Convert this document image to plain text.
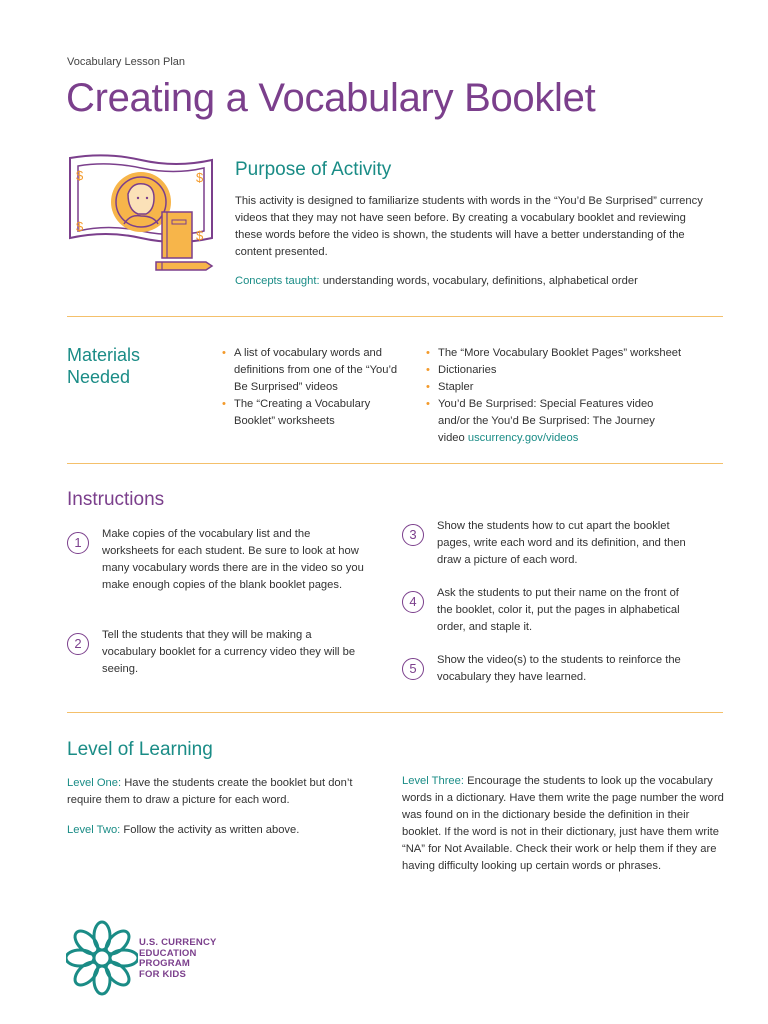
Vocabulary Lesson Plan
Creating a Vocabulary Booklet
$
$
$
$
Purpose of Activity
This activity is designed to familiarize students with words in the “You’d Be Surprised” currency videos that they may not have seen before. By creating a vocabulary booklet and reviewing these words before the video is shown, the students will have a better understanding of the content presented.
Concepts taught: understanding words, vocabulary, definitions, alphabetical order
Materials
Needed
• A list of vocabulary words and definitions from one of the “You’d Be Surprised” videos
• The “Creating a Vocabulary Booklet” worksheets
• The “More Vocabulary Booklet Pages” worksheet
• Dictionaries
• Stapler
• You’d Be Surprised: Special Features video and/or the You’d Be Surprised: The Journey video uscurrency.gov/videos
Instructions
1
Make copies of the vocabulary list and the worksheets for each student. Be sure to look at how many vocabulary words there are in the video so you make enough copies of the blank booklet pages.
2
Tell the students that they will be making a vocabulary booklet for a currency video they will be seeing.
3
Show the students how to cut apart the booklet pages, write each word and its definition, and then draw a picture of each word.
4
Ask the students to put their name on the front of the booklet, color it, put the pages in alphabetical order, and staple it.
5
Show the video(s) to the students to reinforce the vocabulary they have learned.
Level of Learning
Level One: Have the students create the booklet but don’t require them to draw a picture for each word.
Level Two: Follow the activity as written above.
Level Three: Encourage the students to look up the vocabulary words in a dictionary. Have them write the page number the word was found on in the dictionary beside the definition in their booklet. If the word is not in their dictionary, just have them write “NA” for Not Available. Check their work or help them if they are having difficulty looking up certain words or phrases.
U.S. CURRENCY
EDUCATION
PROGRAM
FOR KIDS
